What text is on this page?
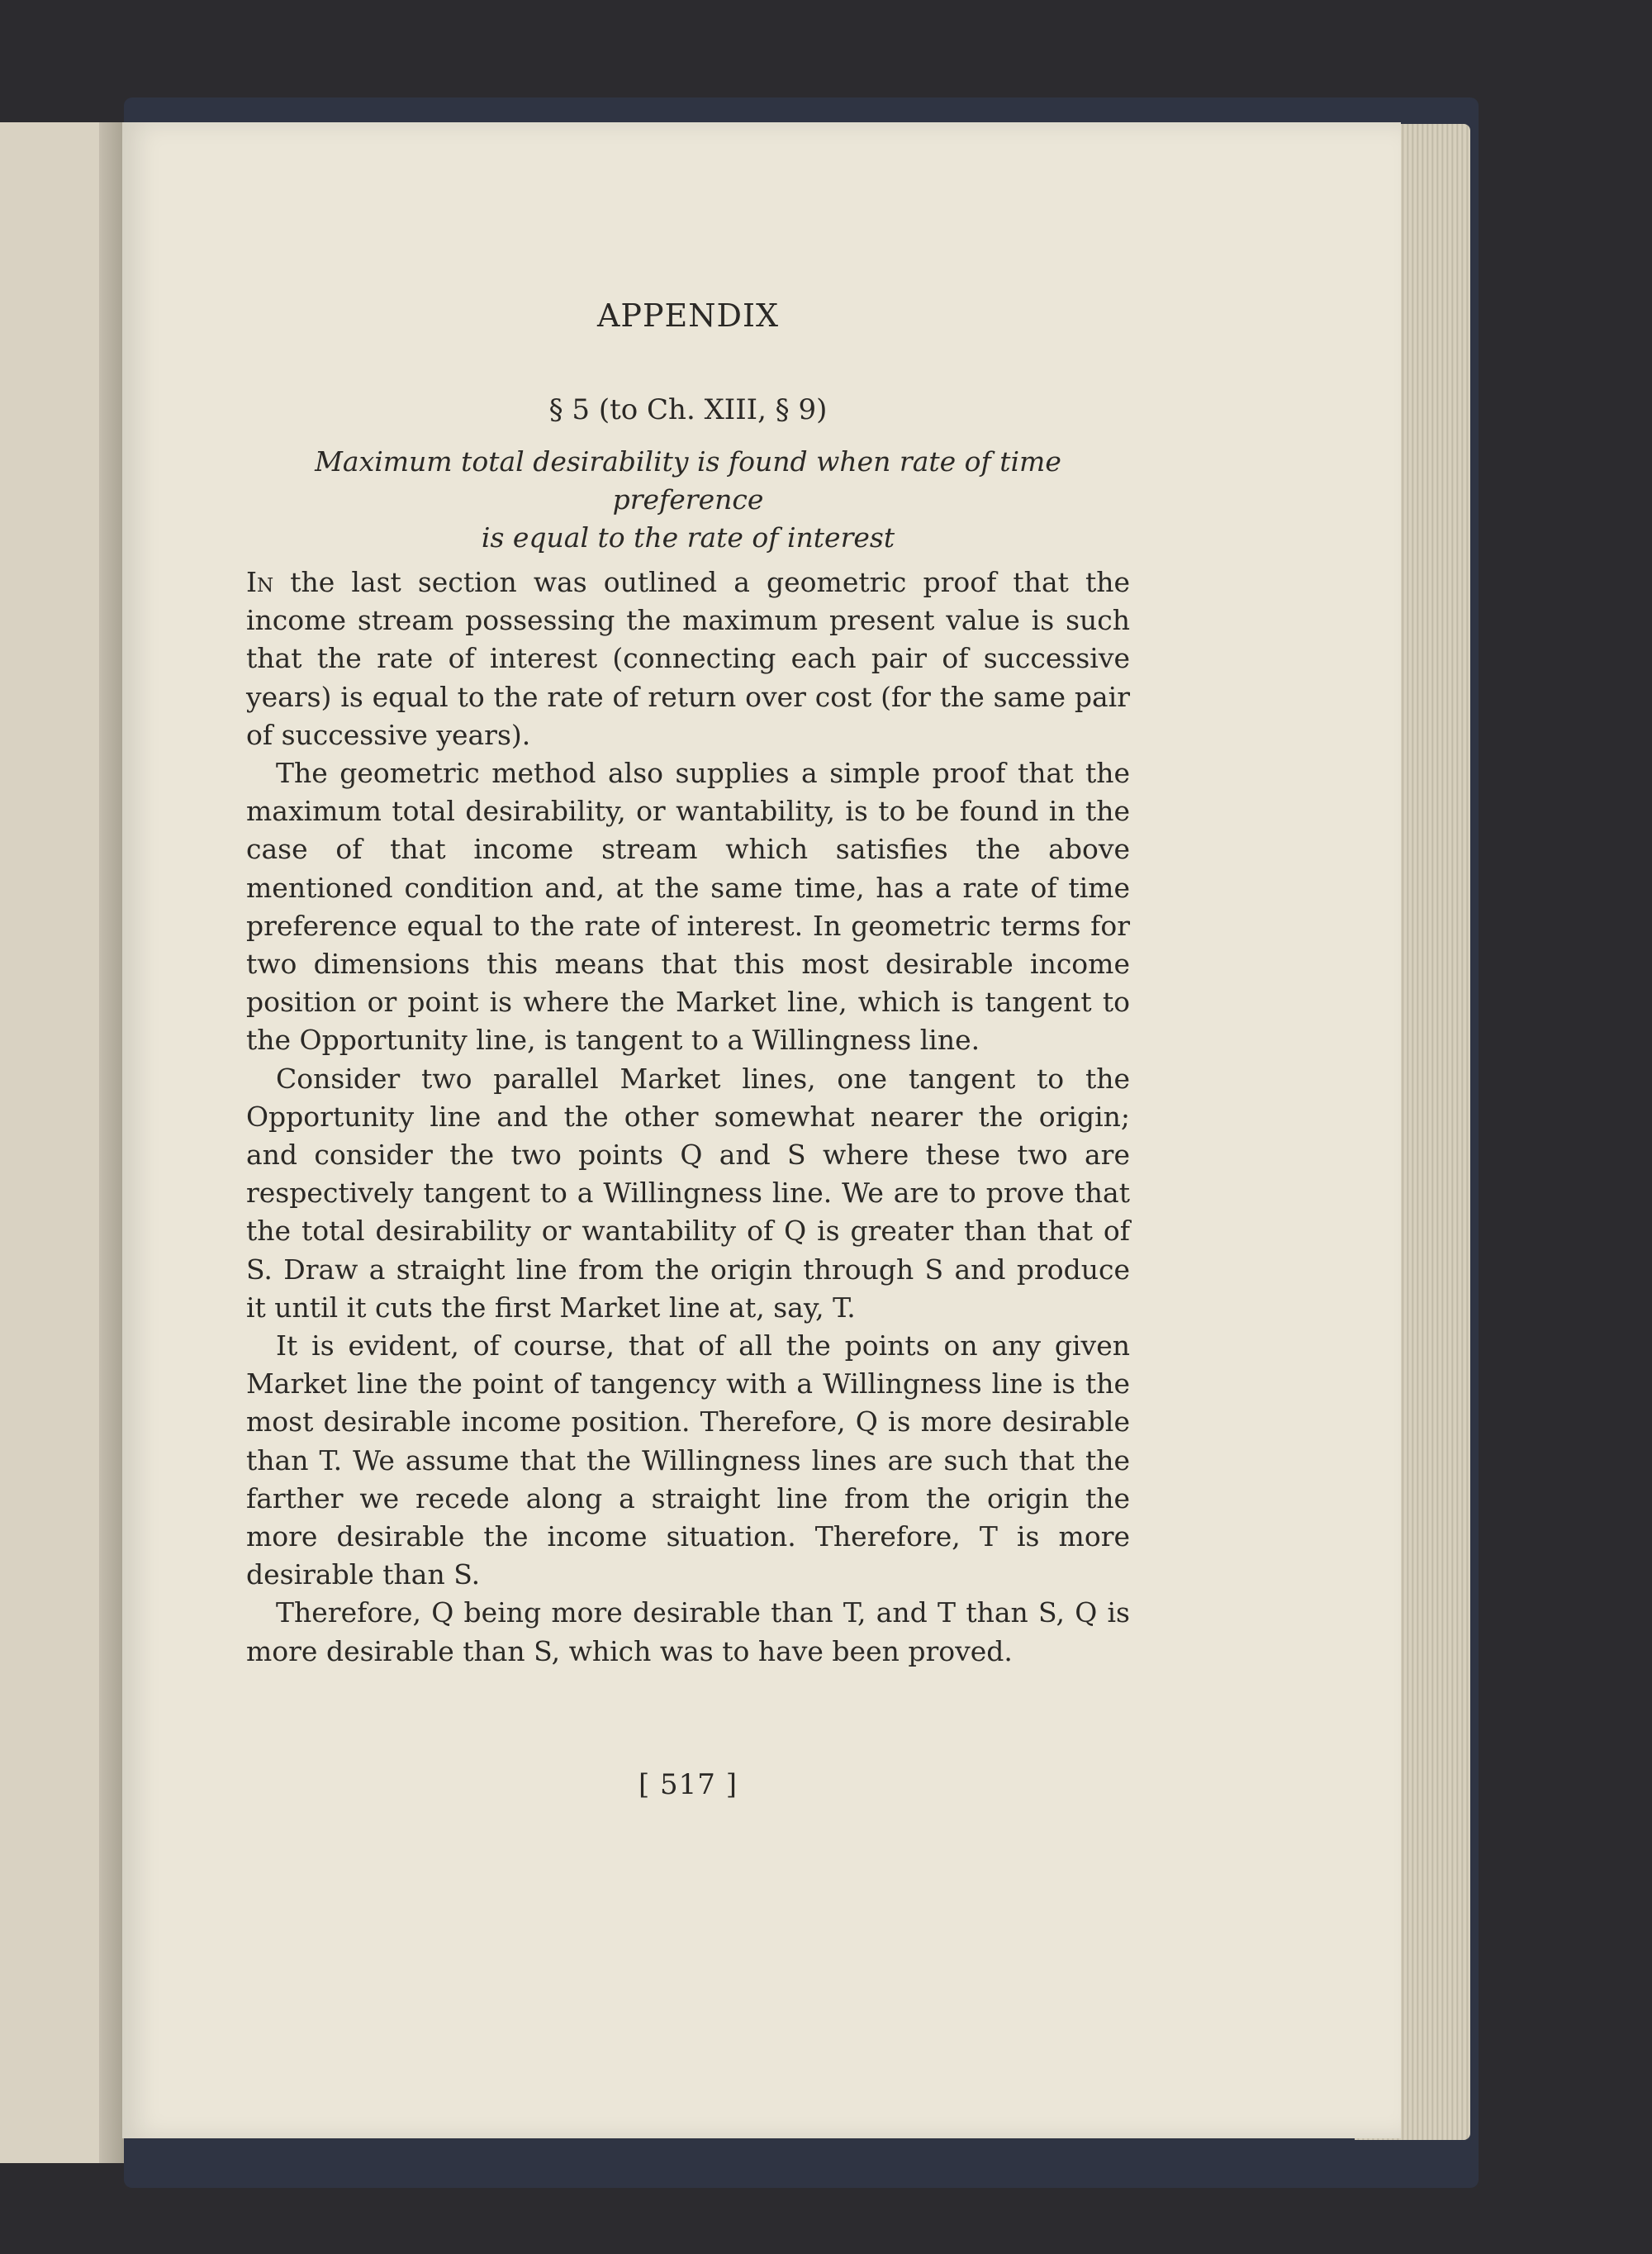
APPENDIX

§ 5 (to Ch. XIII, § 9)

Maximum total desirability is found when rate of time preference
is equal to the rate of interest

In the last section was outlined a geometric proof that the income stream possessing the maximum present value is such that the rate of interest (connecting each pair of successive years) is equal to the rate of return over cost (for the same pair of successive years).

The geometric method also supplies a simple proof that the maximum total desirability, or wantability, is to be found in the case of that income stream which satisfies the above mentioned condition and, at the same time, has a rate of time preference equal to the rate of interest. In geometric terms for two dimensions this means that this most desirable income position or point is where the Market line, which is tangent to the Opportunity line, is tangent to a Willingness line.

Consider two parallel Market lines, one tangent to the Opportunity line and the other somewhat nearer the origin; and consider the two points Q and S where these two are respectively tangent to a Willingness line. We are to prove that the total desirability or wantability of Q is greater than that of S. Draw a straight line from the origin through S and produce it until it cuts the first Market line at, say, T.

It is evident, of course, that of all the points on any given Market line the point of tangency with a Willingness line is the most desirable income position. Therefore, Q is more desirable than T. We assume that the Willingness lines are such that the farther we recede along a straight line from the origin the more desirable the income situation. Therefore, T is more desirable than S.

Therefore, Q being more desirable than T, and T than S, Q is more desirable than S, which was to have been proved.

[ 517 ]
